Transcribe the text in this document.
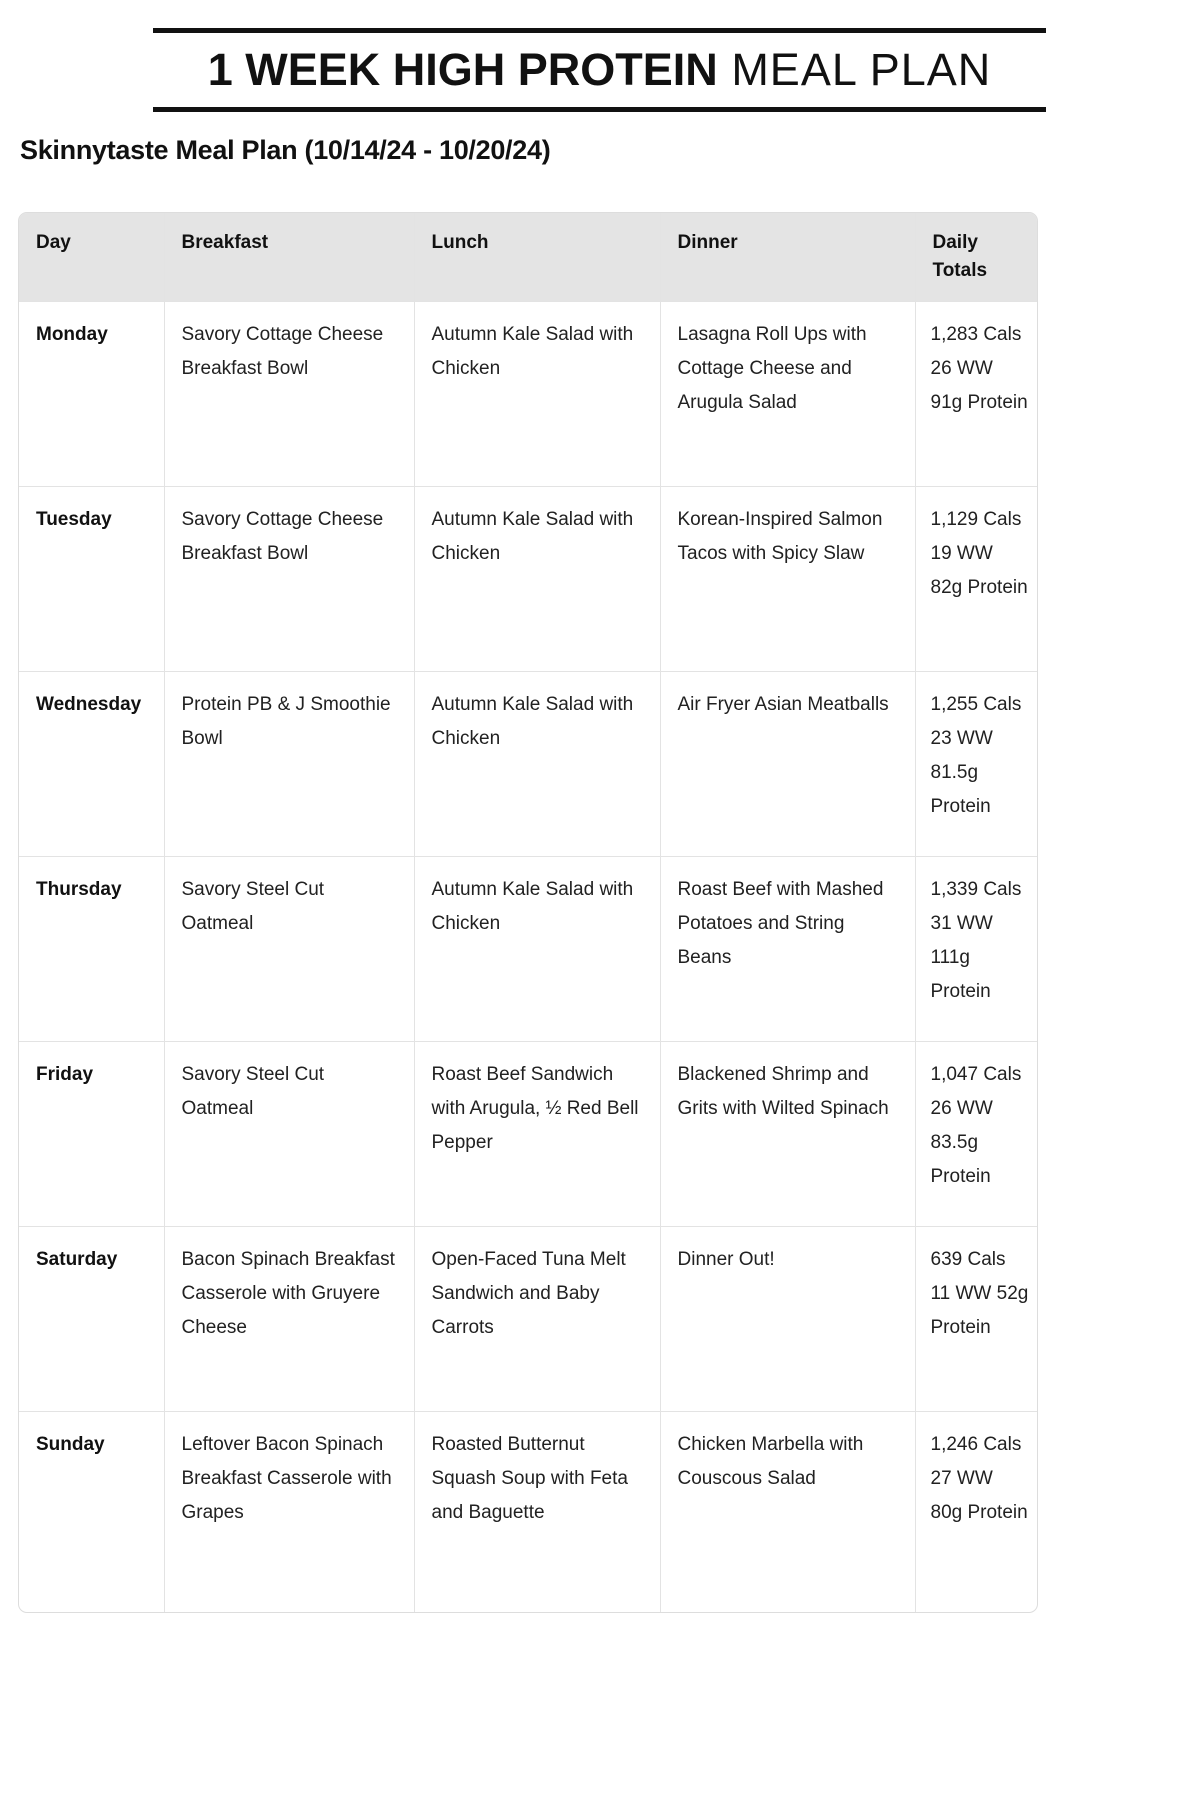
1 WEEK HIGH PROTEIN MEAL PLAN
Skinnytaste Meal Plan (10/14/24 - 10/20/24)
Day	Breakfast	Lunch	Dinner	Daily Totals
Monday	Savory Cottage Cheese Breakfast Bowl	Autumn Kale Salad with Chicken	Lasagna Roll Ups with Cottage Cheese and Arugula Salad	1,283 Cals 26 WW 91g Protein
Tuesday	Savory Cottage Cheese Breakfast Bowl	Autumn Kale Salad with Chicken	Korean-Inspired Salmon Tacos with Spicy Slaw	1,129 Cals 19 WW 82g Protein
Wednesday	Protein PB & J Smoothie Bowl	Autumn Kale Salad with Chicken	Air Fryer Asian Meatballs	1,255 Cals 23 WW 81.5g Protein
Thursday	Savory Steel Cut Oatmeal	Autumn Kale Salad with Chicken	Roast Beef with Mashed Potatoes and String Beans	1,339 Cals 31 WW 111g Protein
Friday	Savory Steel Cut Oatmeal	Roast Beef Sandwich with Arugula, ½ Red Bell Pepper	Blackened Shrimp and Grits with Wilted Spinach	1,047 Cals 26 WW 83.5g Protein
Saturday	Bacon Spinach Breakfast Casserole with Gruyere Cheese	Open-Faced Tuna Melt Sandwich and Baby Carrots	Dinner Out!	639 Cals 11 WW 52g Protein
Sunday	Leftover Bacon Spinach Breakfast Casserole with Grapes	Roasted Butternut Squash Soup with Feta and Baguette	Chicken Marbella with Couscous Salad	1,246 Cals 27 WW 80g Protein
